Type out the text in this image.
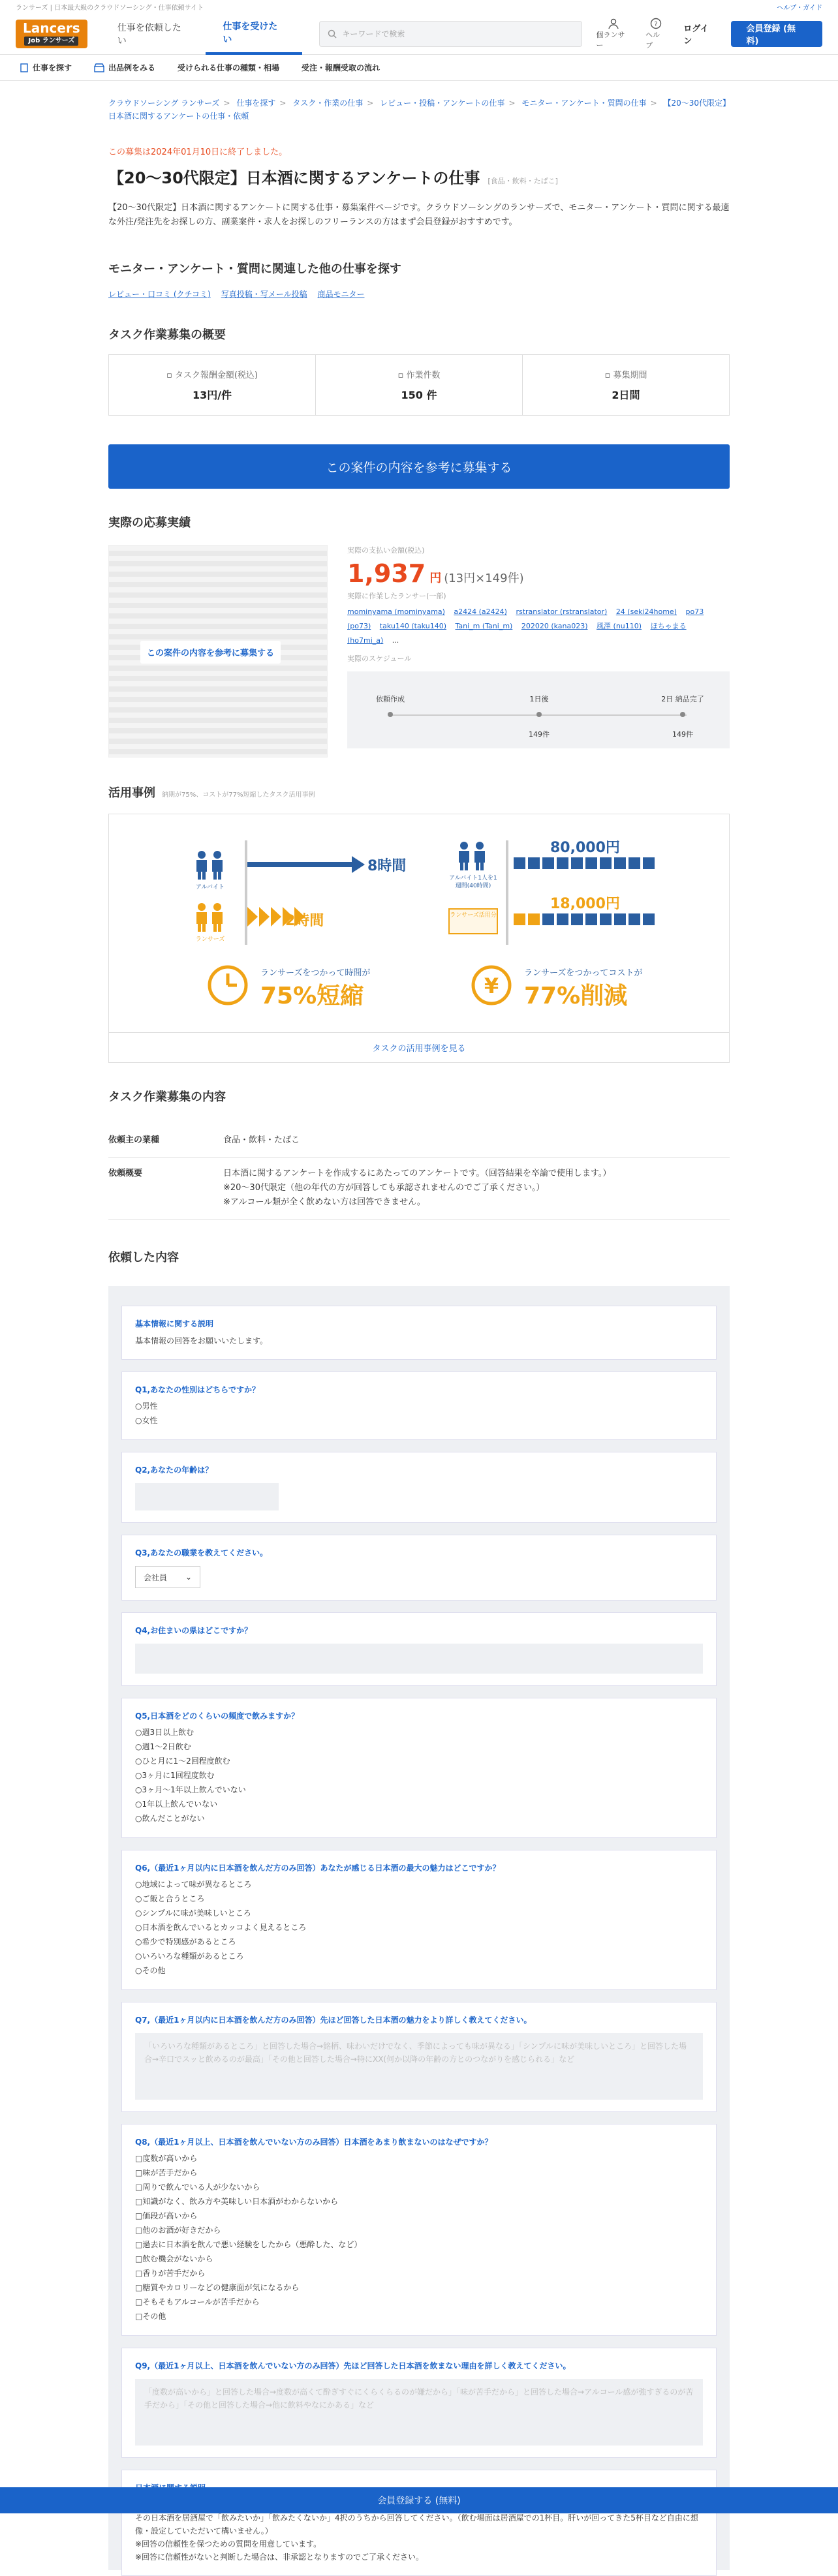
ランサーズ | 日本最大級のクラウドソーシング・仕事依頼サイト	ヘルプ・ガイド
Lancers
Job ランサーズ
仕事を依頼したい
仕事を受けたい
キーワードで検索	個ランサー
?
ヘルプ
ログイン
会員登録 (無料)
仕事を探す	出品例をみる	受けられる仕事の種類・相場	受注・報酬受取の流れ
クラウドソーシング ランサーズ > 仕事を探す > タスク・作業の仕事 > レビュー・投稿・アンケートの仕事 > モニター・アンケート・質問の仕事 > 【20〜30代限定】日本酒に関するアンケートの仕事・依頼
この募集は2024年01月10日に終了しました。
【20〜30代限定】日本酒に関するアンケートの仕事 [食品・飲料・たばこ]

【20〜30代限定】日本酒に関するアンケートに関する仕事・募集案件ページです。クラウドソーシングのランサーズで、モニター・アンケート・質問に関する最適な外注/発注先をお探しの方、副業案件・求人をお探しのフリーランスの方はまず会員登録がおすすめです。

モニター・アンケート・質問に関連した他の仕事を探す
レビュー・口コミ (クチコミ) 写真投稿・写メール投稿 商品モニター
タスク作業募集の概要
▫ タスク報酬金額(税込)
13円/件
▫ 作業件数
150 件
▫ 募集期間
2日間
この案件の内容を参考に募集する
実際の応募実績
この案件の内容を参考に募集する
実際の支払い金額(税込)
1,937 円 (13円×149件)
実際に作業したランサー(一部)
mominyama (mominyama) a2424 (a2424) rstranslator (rstranslator) 24 (seki24home) po73 (po73) taku140 (taku140) Tani_m (Tani_m) 202020 (kana023) 風澤 (nu110) ほちゃまる (ho7mi_a) ...
実際のスケジュール
依頼作成	1日後	2日 納品完了
149件	149件
活用事例 納期が75%、コストが77%短縮したタスク活用事例
アルバイト
ランサーズ
8時間
2時間
アルバイト1人を1週間(40時間)
ランサーズ活用分
80,000円
18,000円
ランサーズをつかって時間が
75%短縮	¥
ランサーズをつかってコストが
77%削減
タスクの活用事例を見る
タスク作業募集の内容
依頼主の業種	食品・飲料・たばこ
依頼概要	日本酒に関するアンケートを作成するにあたってのアンケートです。（回答結果を卒論で使用します。）
※20〜30代限定（他の年代の方が回答しても承認されませんのでご了承ください。）
※アルコール類が全く飲めない方は回答できません。
依頼した内容
基本情報に関する説明
基本情報の回答をお願いいたします。
Q1,あなたの性別はどちらですか？
○男性
○女性
Q2,あなたの年齢は？
Q3,あなたの職業を教えてください。
会社員 ⌄
Q4,お住まいの県はどこですか？
Q5,日本酒をどのくらいの頻度で飲みますか？
○週3日以上飲む
○週1〜2日飲む
○ひと月に1〜2回程度飲む
○3ヶ月に1回程度飲む
○3ヶ月〜1年以上飲んでいない
○1年以上飲んでいない
○飲んだことがない
Q6,（最近1ヶ月以内に日本酒を飲んだ方のみ回答）あなたが感じる日本酒の最大の魅力はどこですか？
○地域によって味が異なるところ
○ご飯と合うところ
○シンプルに味が美味しいところ
○日本酒を飲んでいるとカッコよく見えるところ
○希少で特別感があるところ
○いろいろな種類があるところ
○その他
Q7,（最近1ヶ月以内に日本酒を飲んだ方のみ回答）先ほど回答した日本酒の魅力をより詳しく教えてください。
「いろいろな種類があるところ」と回答した場合→銘柄、味わいだけでなく、季節によっても味が異なる」「シンプルに味が美味しいところ」と回答した場合→辛口でスッと飲めるのが最高」「その他と回答した場合→特にXX(何か以降の年齢の方とのつながりを感じられる」など
Q8,（最近1ヶ月以上、日本酒を飲んでいない方のみ回答）日本酒をあまり飲まないのはなぜですか？
□度数が高いから
□味が苦手だから
□周りで飲んでいる人が少ないから
□知識がなく、飲み方や美味しい日本酒がわからないから
□価段が高いから
□他のお酒が好きだから
□過去に日本酒を飲んで悪い経験をしたから（悪酔した、など）
□飲む機会がないから
□香りが苦手だから
□糖質やカロリーなどの健康面が気になるから
□そもそもアルコールが苦手だから
□その他
Q9,（最近1ヶ月以上、日本酒を飲んでいない方のみ回答）先ほど回答した日本酒を飲まない理由を詳しく教えてください。
「度数が高いから」と回答した場合→度数が高くて酔ぎすぐにくらくらるのが嫌だから」「味が苦手だから」と回答した場合→アルコール感が強すぎるのが苦手だから」「その他と回答した場合→他に飲料やなにかある」など

その日本酒を居酒屋で「飲みたいか」「飲みたくないか」4択のうちから回答してください。（飲む場面は居酒屋での1杯目。肝いが回ってきた5杯目など自由に想像・設定していただいて構いません。）
※回答の信頼性を保つための質問を用意しています。
※回答に信頼性がないと判断した場合は、非承認となりますのでご了承ください。
会員登録する (無料)
